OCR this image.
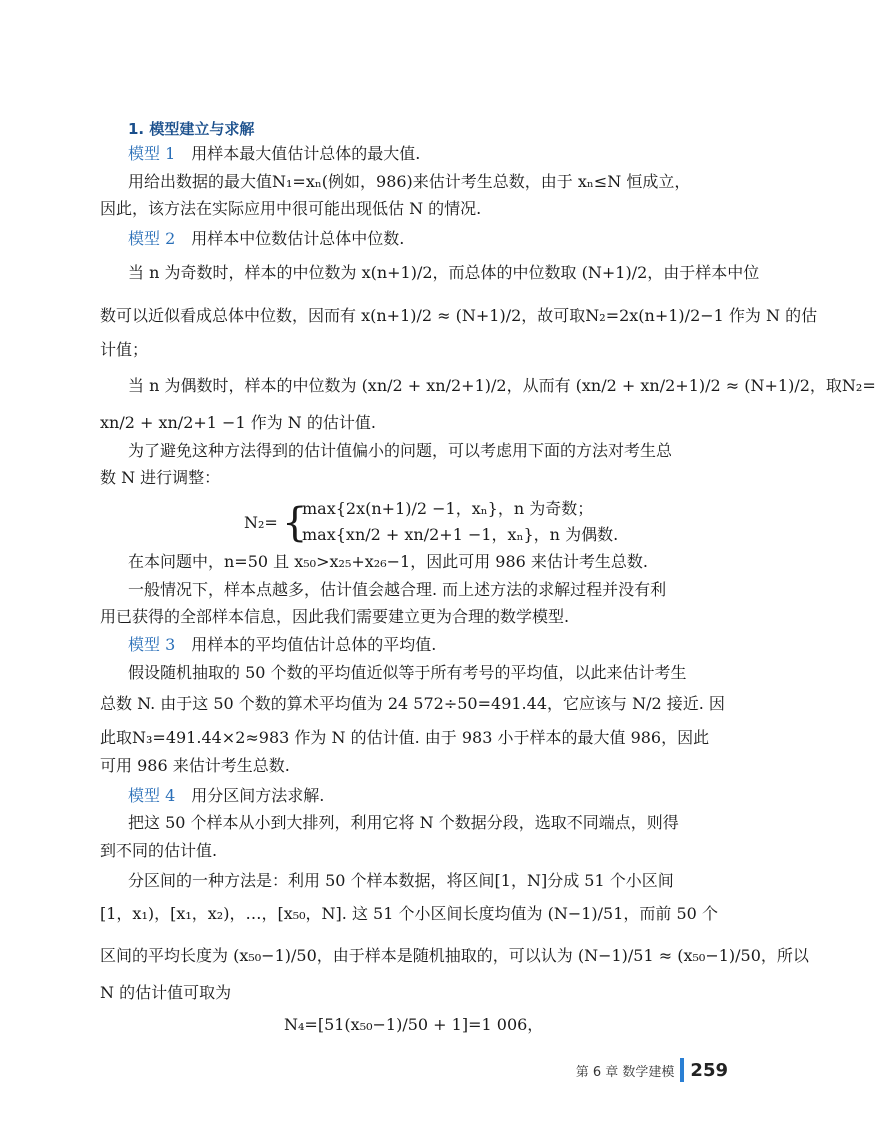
1. 模型建立与求解
模型 1 用样本最大值估计总体的最大值.
用给出数据的最大值N₁=xₙ(例如，986)来估计考生总数，由于 xₙ≤N 恒成立，
因此，该方法在实际应用中很可能出现低估 N 的情况.
模型 2 用样本中位数估计总体中位数.
当 n 为奇数时，样本的中位数为 x(n+1)/2，而总体的中位数取 (N+1)/2，由于样本中位
数可以近似看成总体中位数，因而有 x(n+1)/2 ≈ (N+1)/2，故可取N₂=2x(n+1)/2−1 作为 N 的估
计值；
当 n 为偶数时，样本的中位数为 (xn/2 + xn/2+1)/2，从而有 (xn/2 + xn/2+1)/2 ≈ (N+1)/2，取N₂=
xn/2 + xn/2+1 −1 作为 N 的估计值.
为了避免这种方法得到的估计值偏小的问题，可以考虑用下面的方法对考生总
数 N 进行调整：
N₂= {
max{2x(n+1)/2 −1，xₙ}，n 为奇数；
max{xn/2 + xn/2+1 −1，xₙ}，n 为偶数.
在本问题中，n=50 且 x₅₀>x₂₅+x₂₆−1，因此可用 986 来估计考生总数.
一般情况下，样本点越多，估计值会越合理. 而上述方法的求解过程并没有利
用已获得的全部样本信息，因此我们需要建立更为合理的数学模型.
模型 3 用样本的平均值估计总体的平均值.
假设随机抽取的 50 个数的平均值近似等于所有考号的平均值，以此来估计考生
总数 N. 由于这 50 个数的算术平均值为 24 572÷50=491.44，它应该与 N/2 接近. 因
此取N₃=491.44×2≈983 作为 N 的估计值. 由于 983 小于样本的最大值 986，因此
可用 986 来估计考生总数.
模型 4 用分区间方法求解.
把这 50 个样本从小到大排列，利用它将 N 个数据分段，选取不同端点，则得
到不同的估计值.
分区间的一种方法是：利用 50 个样本数据，将区间[1，N]分成 51 个小区间
[1，x₁)，[x₁，x₂)，…，[x₅₀，N]. 这 51 个小区间长度均值为 (N−1)/51，而前 50 个
区间的平均长度为 (x₅₀−1)/50，由于样本是随机抽取的，可以认为 (N−1)/51 ≈ (x₅₀−1)/50，所以
N 的估计值可取为
N₄=[51(x₅₀−1)/50 + 1]=1 006，
第 6 章 数学建模 259
